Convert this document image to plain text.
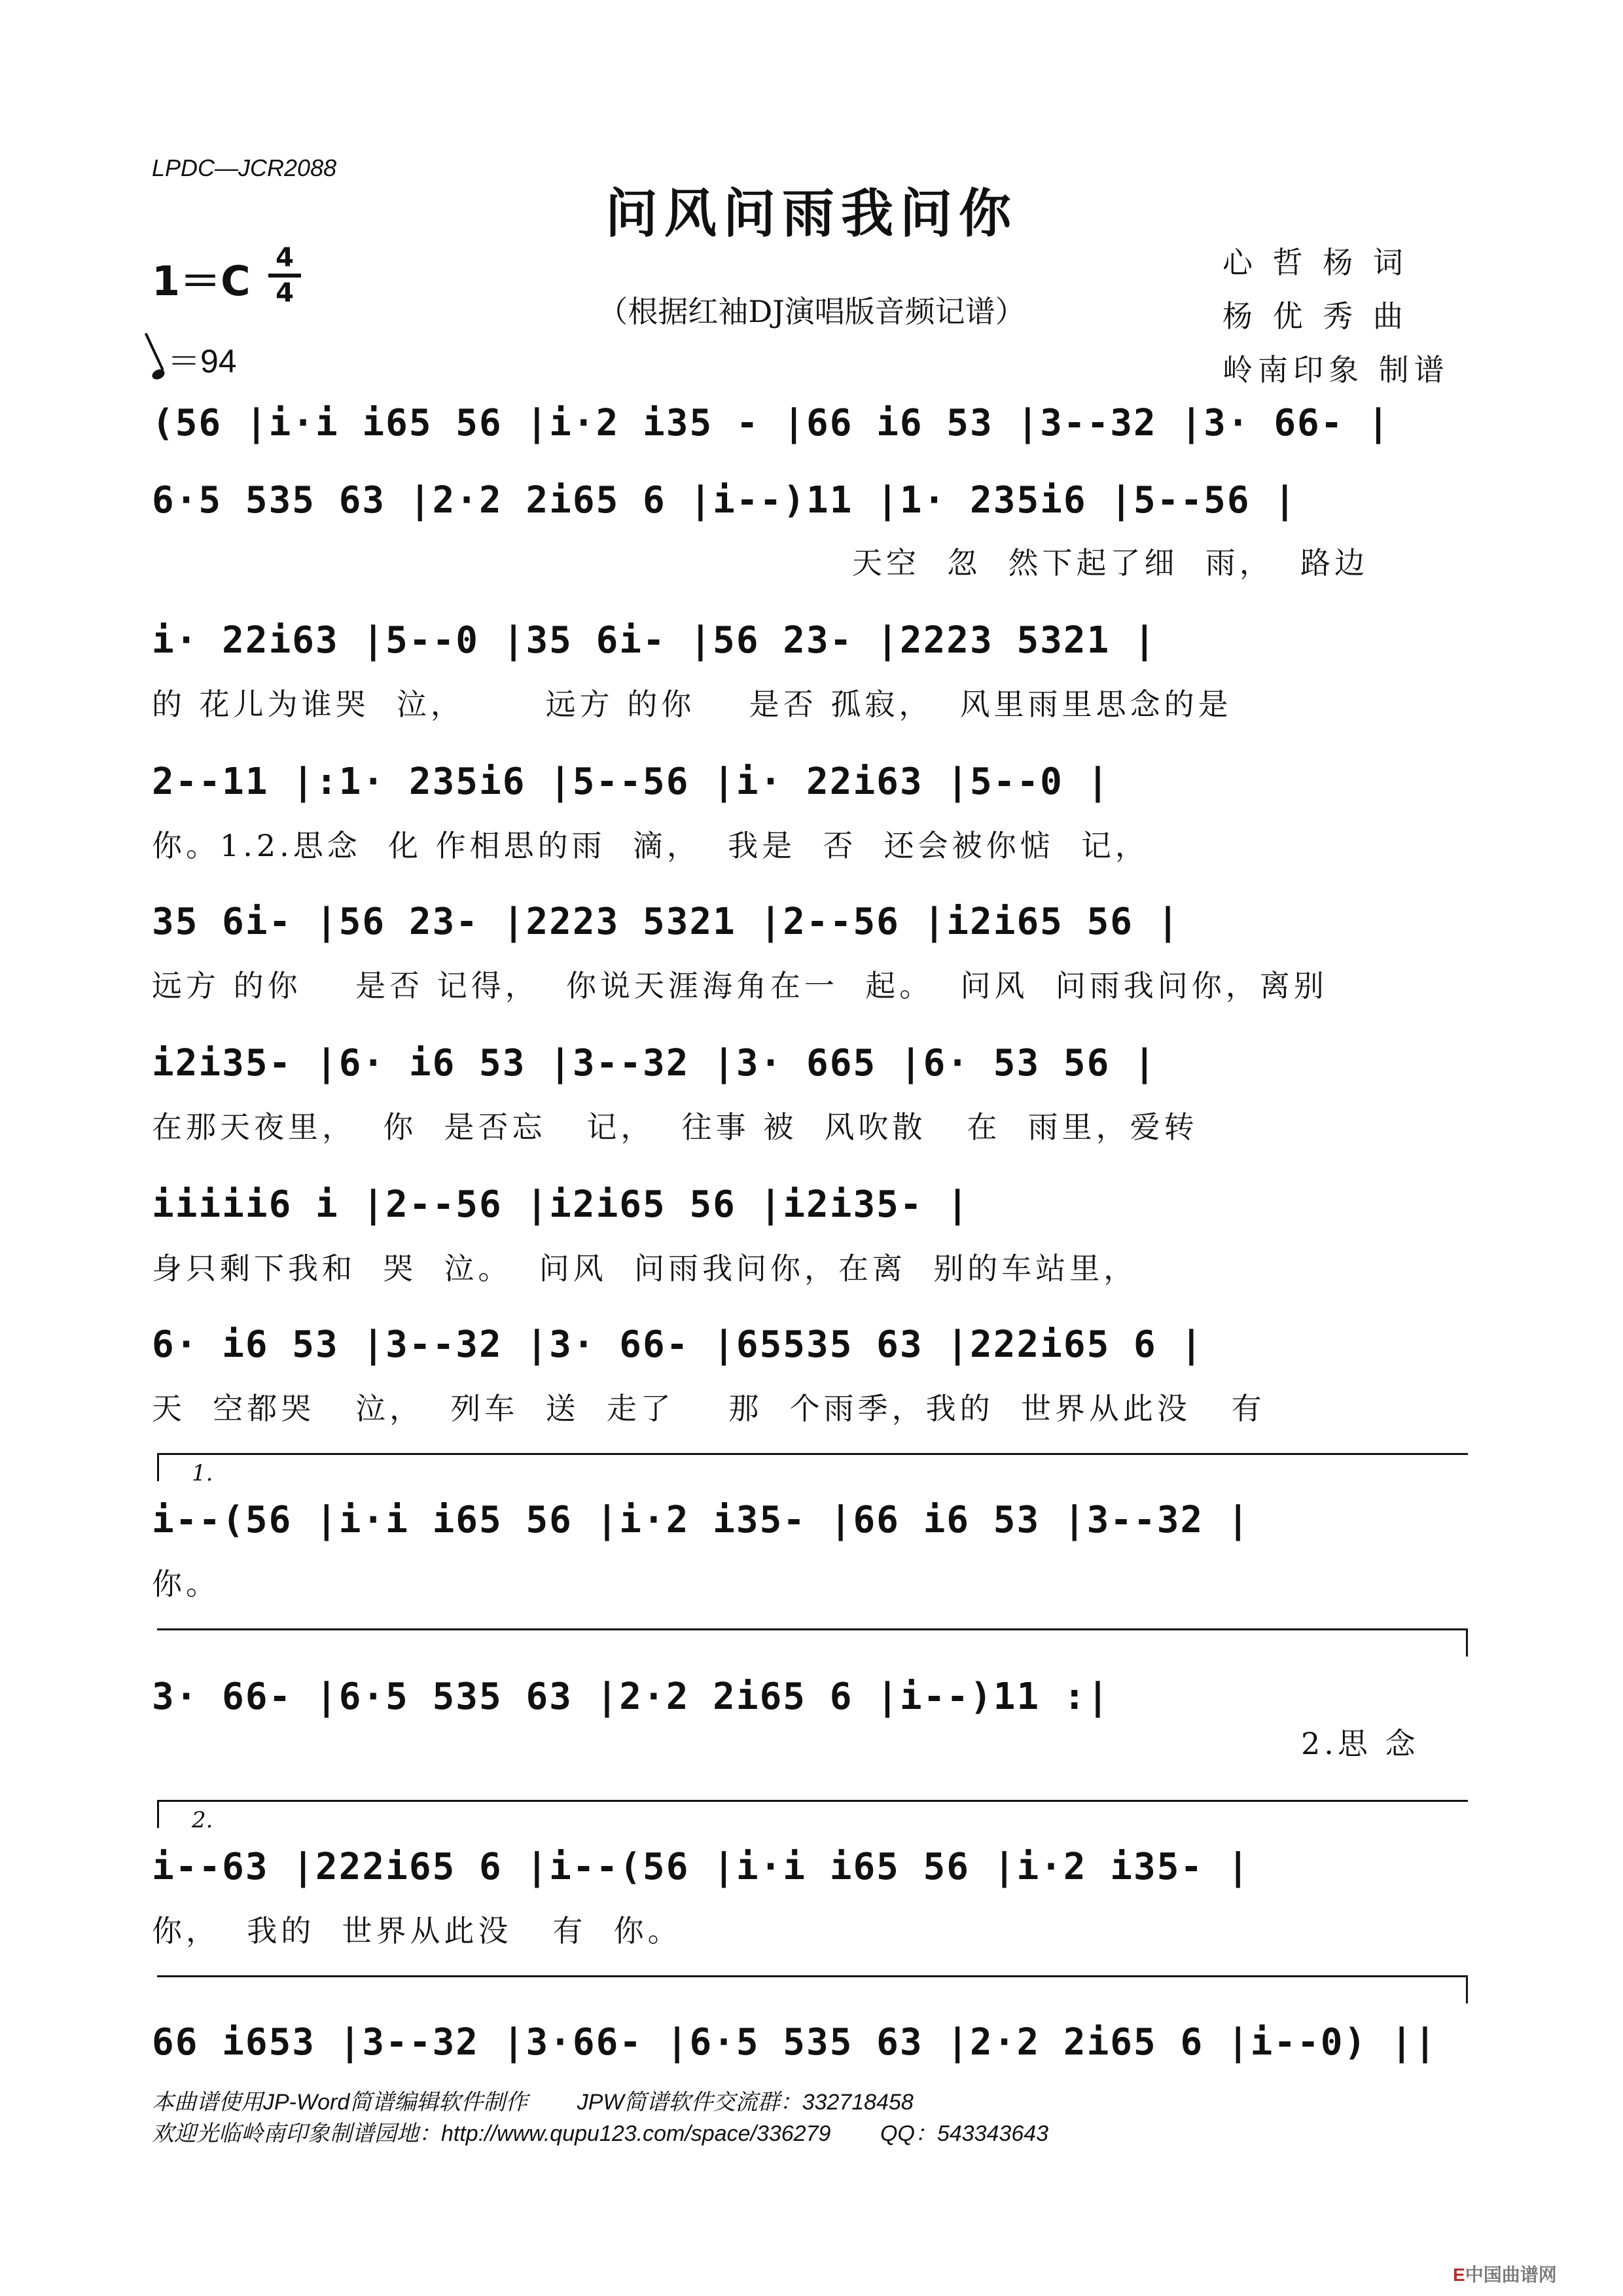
LPDC—JCR2088
问风问雨我问你
（根据红袖DJ演唱版音频记谱）
1＝C 4
4
＝94
心 哲 杨 词
杨 优 秀 曲
岭南印象 制谱
(56 |i·i i65 56 |i·2 i35 - |66 i6 53 |3--32 |3· 66- |
6·5 535 63 |2·2 2i65 6 |i--)11 |1· 235i6 |5--56 |
天空  忽  然下起了细  雨，  路边
i· 22i63 |5--0 |35 6i- |56 23- |2223 5321 |
的 花儿为谁哭  泣，      远方 的你    是否 孤寂，  风里雨里思念的是
2--11 |:1· 235i6 |5--56 |i· 22i63 |5--0 |
你。1.2.思念  化 作相思的雨  滴，  我是  否  还会被你惦  记，
35 6i- |56 23- |2223 5321 |2--56 |i2i65 56 |
远方 的你    是否 记得，  你说天涯海角在一  起。  问风  问雨我问你，离别
i2i35- |6· i6 53 |3--32 |3· 665 |6· 53 56 |
在那天夜里，  你  是否忘   记，  往事 被  风吹散   在  雨里，爱转
iiiii6 i |2--56 |i2i65 56 |i2i35- |
身只剩下我和  哭  泣。  问风  问雨我问你，在离  别的车站里，
6· i6 53 |3--32 |3· 66- |65535 63 |222i65 6 |
天  空都哭   泣，  列车  送  走了    那  个雨季，我的  世界从此没   有
1.
i--(56 |i·i i65 56 |i·2 i35- |66 i6 53 |3--32 |
你。
3· 66- |6·5 535 63 |2·2 2i65 6 |i--)11 :|
2.思 念
2.
i--63 |222i65 6 |i--(56 |i·i i65 56 |i·2 i35- |
你，  我的  世界从此没   有  你。
66 i653 |3--32 |3·66- |6·5 535 63 |2·2 2i65 6 |i--0) ||
本曲谱使用JP-Word简谱编辑软件制作        JPW简谱软件交流群：332718458
欢迎光临岭南印象制谱园地：http://www.qupu123.com/space/336279        QQ：543343643
E中国曲谱网
